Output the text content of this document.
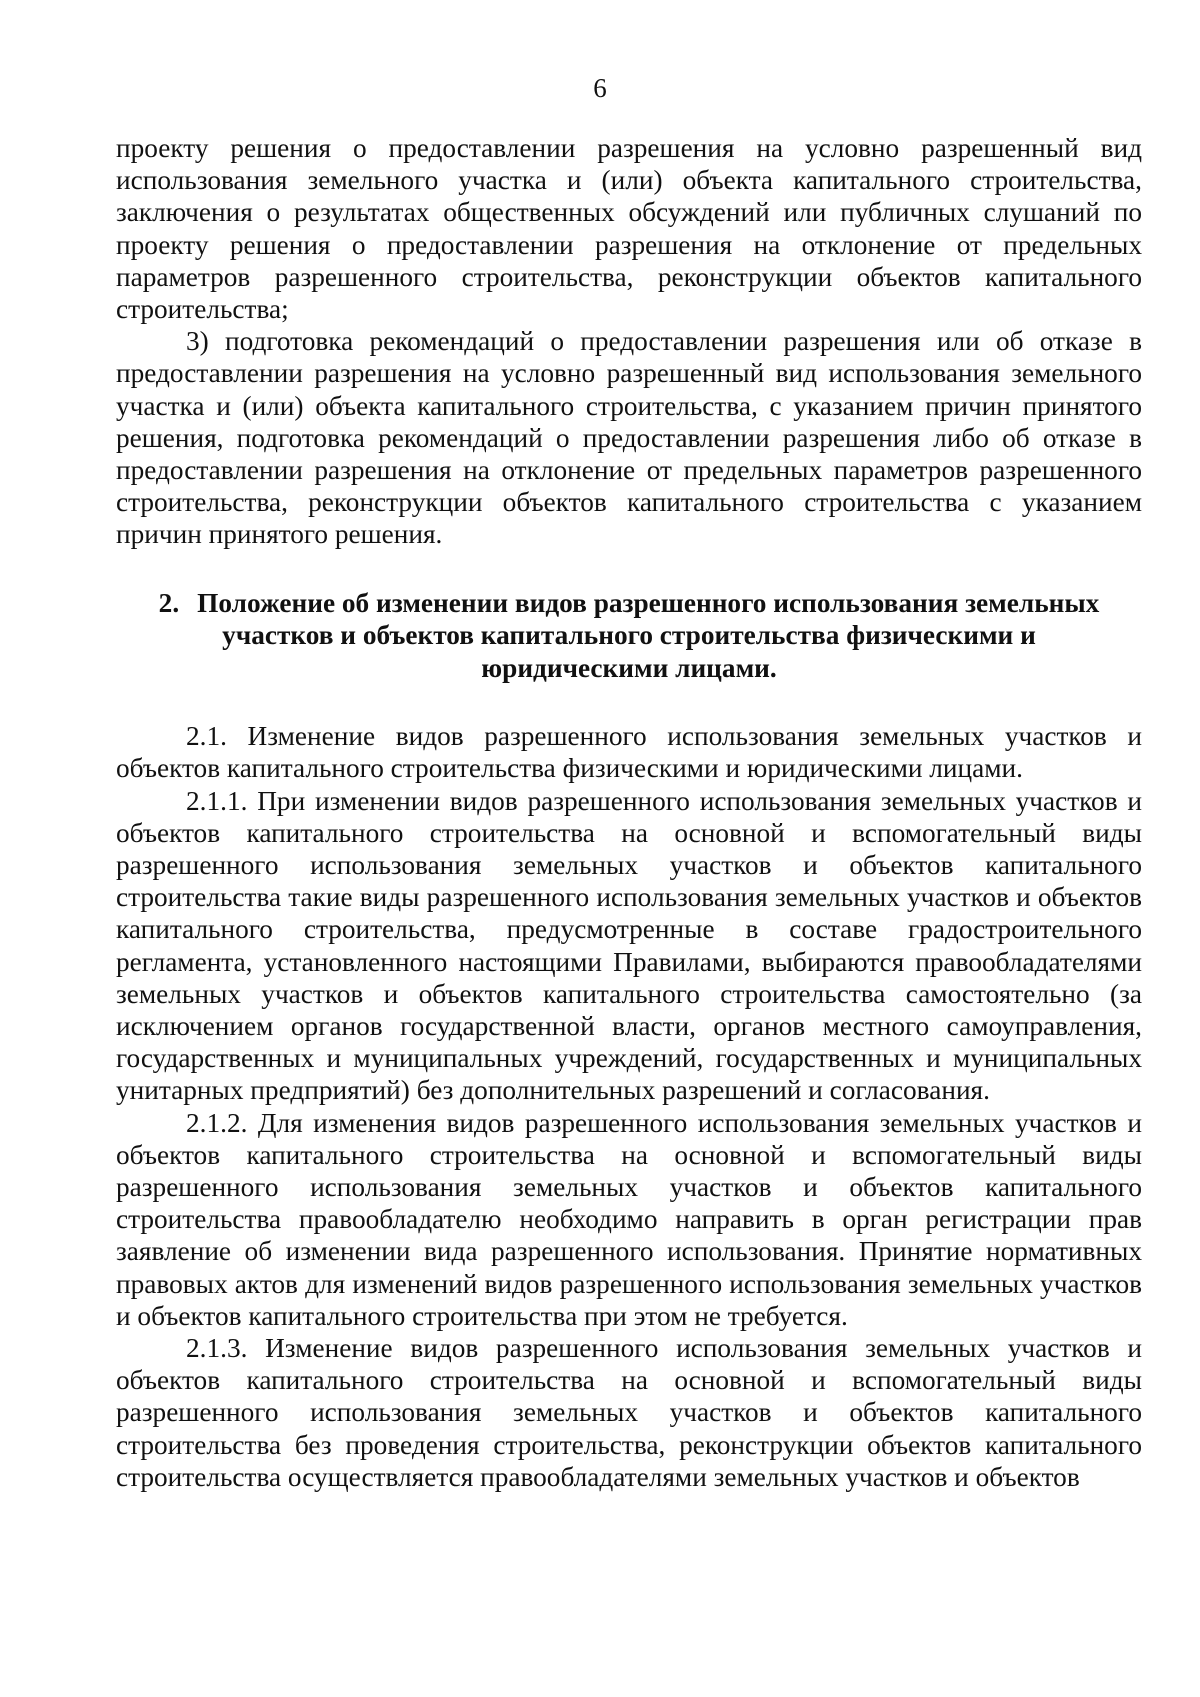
6

проекту решения о предоставлении разрешения на условно разрешенный вид использования земельного участка и (или) объекта капитального строительства, заключения о результатах общественных обсуждений или публичных слушаний по проекту решения о предоставлении разрешения на отклонение от предельных параметров разрешенного строительства, реконструкции объектов капитального строительства;

3) подготовка рекомендаций о предоставлении разрешения или об отказе в предоставлении разрешения на условно разрешенный вид использования земельного участка и (или) объекта капитального строительства, с указанием причин принятого решения, подготовка рекомендаций о предоставлении разрешения либо об отказе в предоставлении разрешения на отклонение от предельных параметров разрешенного строительства, реконструкции объектов капитального строительства с указанием причин принятого решения.

2. Положение об изменении видов разрешенного использования земельных участков и объектов капитального строительства физическими и юридическими лицами.

2.1. Изменение видов разрешенного использования земельных участков и объектов капитального строительства физическими и юридическими лицами.

2.1.1. При изменении видов разрешенного использования земельных участков и объектов капитального строительства на основной и вспомогательный виды разрешенного использования земельных участков и объектов капитального строительства такие виды разрешенного использования земельных участков и объектов капитального строительства, предусмотренные в составе градостроительного регламента, установленного настоящими Правилами, выбираются правообладателями земельных участков и объектов капитального строительства самостоятельно (за исключением органов государственной власти, органов местного самоуправления, государственных и муниципальных учреждений, государственных и муниципальных унитарных предприятий) без дополнительных разрешений и согласования.

2.1.2. Для изменения видов разрешенного использования земельных участков и объектов капитального строительства на основной и вспомогательный виды разрешенного использования земельных участков и объектов капитального строительства правообладателю необходимо направить в орган регистрации прав заявление об изменении вида разрешенного использования. Принятие нормативных правовых актов для изменений видов разрешенного использования земельных участков и объектов капитального строительства при этом не требуется.

2.1.3. Изменение видов разрешенного использования земельных участков и объектов капитального строительства на основной и вспомогательный виды разрешенного использования земельных участков и объектов капитального строительства без проведения строительства, реконструкции объектов капитального строительства осуществляется правообладателями земельных участков и объектов
